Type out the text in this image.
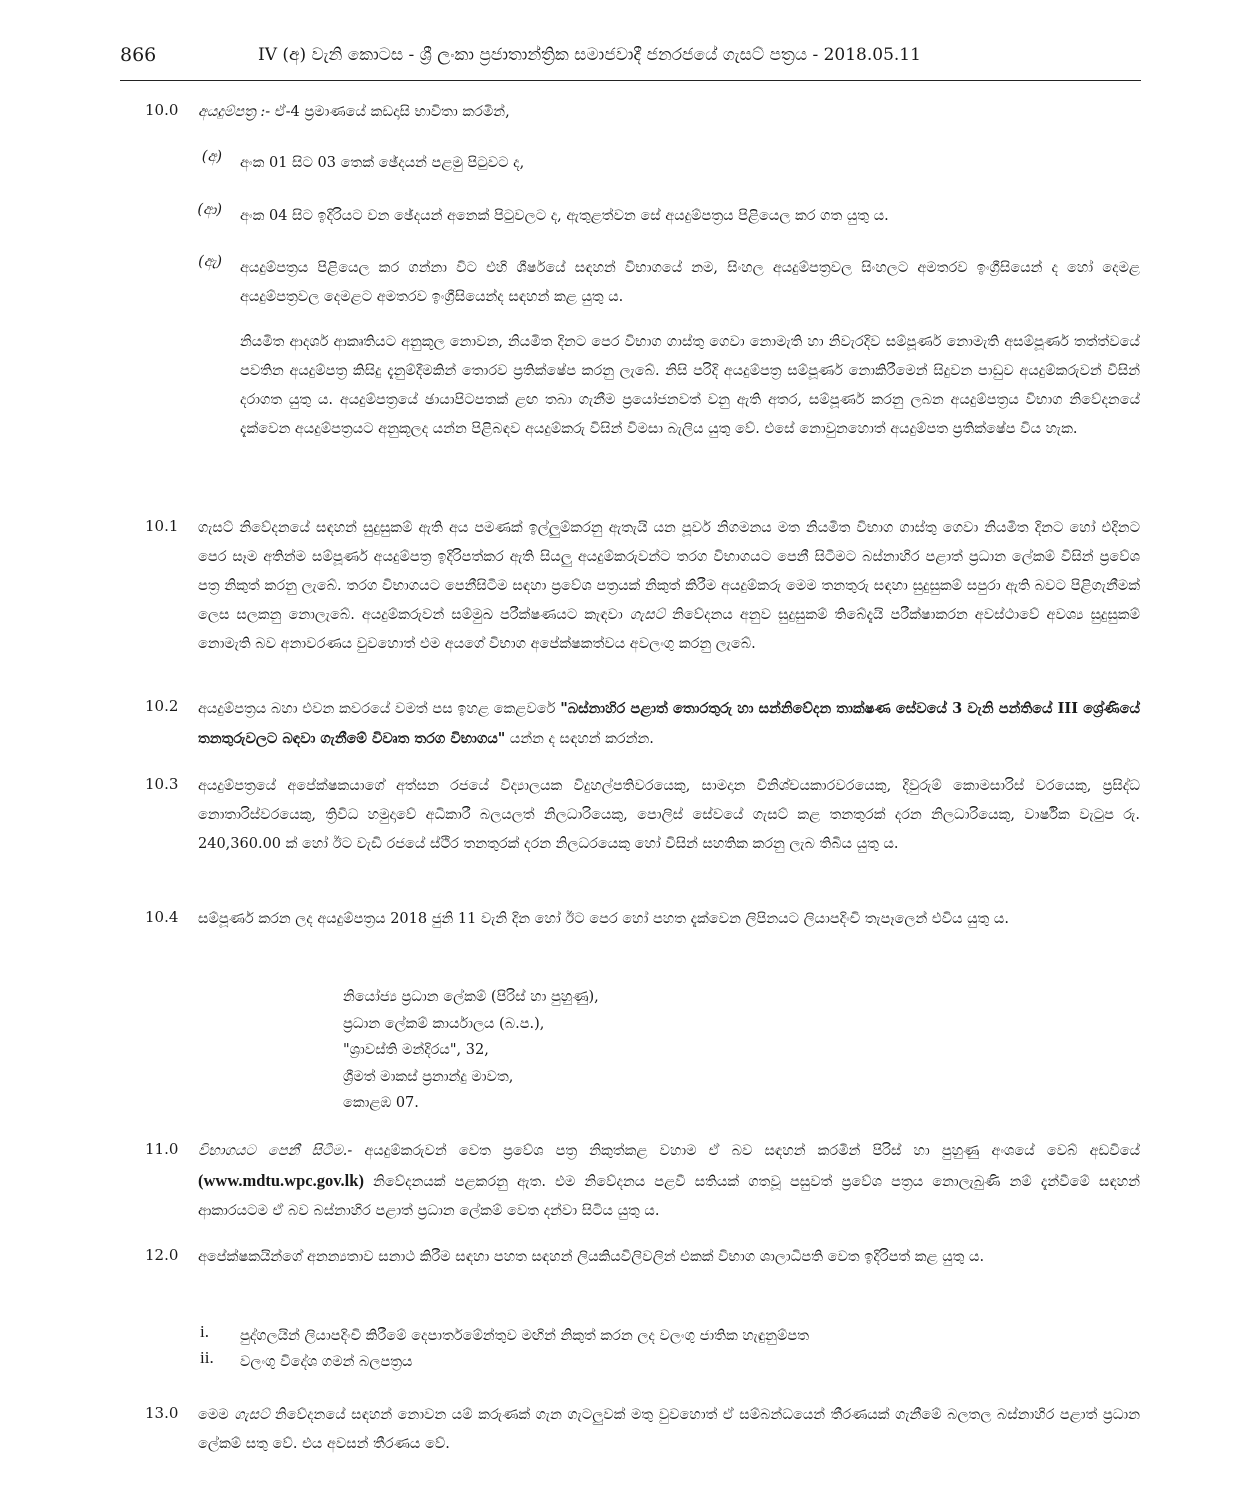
866	IV (අ) වැනි කොටස - ශ්‍රී ලංකා ප්‍රජාතාන්ත්‍රික සමාජවාදී ජනරජයේ ගැසට් පත්‍රය - 2018.05.11
10.0 අයදුම්පත්‍ර :- ඒ-4 ප්‍රමාණයේ කඩදාසි භාවිතා කරමින්,
(අ) අංක 01 සිට 03 තෙක් ඡේදයන් පළමු පිටුවට ද,
(ආ) අංක 04 සිට ඉදිරියට වන ඡේදයන් අනෙක් පිටුවලට ද, ඇතුළත්වන සේ අයදුම්පත්‍රය පිළියෙල කර ගත යුතු ය.
(ඇ) අයදුම්පත්‍රය පිළියෙල කර ගන්නා විට එහි ශීර්ෂයේ සඳහන් විභාගයේ නම, සිංහල අයදුම්පත්‍රවල සිංහලට අමතරව ඉංග්‍රීසියෙන් ද හෝ දෙමළ අයදුම්පත්‍රවල දෙමළට අමතරව ඉංග්‍රීසියෙන්ද සඳහන් කළ යුතු ය.
නියමිත ආදර්ශ ආකෘතියට අනුකූල නොවන, නියමිත දිනට පෙර විභාග ගාස්තු ගෙවා නොමැති හා නිවැරදිව සම්පූර්ණ නොමැති අසම්පූර්ණ තත්ත්වයේ පවතින අයදුම්පත්‍ර කිසිදු දැනුම්දීමකින් තොරව ප්‍රතික්ෂේප කරනු ලැබේ. නිසි පරිදි අයදුම්පත්‍ර සම්පූර්ණ නොකිරීමෙන් සිදුවන පාඩුව අයදුම්කරුවන් විසින් දරාගත යුතු ය. අයදුම්පත්‍රයේ ඡායාපිටපතක් ළඟ තබා ගැනීම ප්‍රයෝජනවත් වනු ඇති අතර, සම්පූර්ණ කරනු ලබන අයදුම්පත්‍රය විභාග නිවේදනයේ දැක්වෙන අයදුම්පත්‍රයට අනුකූලද යන්න පිළිබඳව අයදුම්කරු විසින් විමසා බැලිය යුතු වේ. එසේ නොවුනහොත් අයදුම්පත ප්‍රතික්ෂේප විය හැක.
10.1 ගැසට් නිවේදනයේ සඳහන් සුදුසුකම් ඇති අය පමණක් ඉල්ලුම්කරනු ඇතැයි යන පූර්ව නිගමනය මත නියමිත විභාග ගාස්තු ගෙවා නියමිත දිනට හෝ එදිනට පෙර සෑම අතින්ම සම්පූර්ණ අයදුම්පත්‍ර ඉදිරිපත්කර ඇති සියලු අයදුම්කරුවන්ට තරග විභාගයට පෙනී සිටීමට බස්නාහිර පළාත් ප්‍රධාන ලේකම් විසින් ප්‍රවේශ පත්‍ර නිකුත් කරනු ලැබේ. තරග විභාගයට පෙනීසිටීම සඳහා ප්‍රවේශ පත්‍රයක් නිකුත් කිරීම අයදුම්කරු මෙම තනතුරු සඳහා සුදුසුකම් සපුරා ඇති බවට පිළිගැනීමක් ලෙස සලකනු නොලැබේ. අයදුම්කරුවන් සම්මුඛ පරීක්ෂණයට කැඳවා ගැසට් නිවේදනය අනුව සුදුසුකම් තිබේදැයි පරීක්ෂාකරන අවස්ථාවේ අවශ්‍ය සුදුසුකම් නොමැති බව අනාවරණය වුවහොත් එම අයගේ විභාග අපේක්ෂකත්වය අවලංගු කරනු ලැබේ.
10.2 අයදුම්පත්‍රය බහා එවන කවරයේ වමත් පස ඉහළ කෙළවරේ "බස්නාහිර පළාත් තොරතුරු හා සන්නිවේදන තාක්ෂණ සේවයේ 3 වැනි පන්තියේ III ශ්‍රේණියේ තනතුරුවලට බඳවා ගැනීමේ විවෘත තරග විභාගය" යන්න ද සඳහන් කරන්න.
10.3 අයදුම්පත්‍රයේ අපේක්ෂකයාගේ අත්සන රජයේ විද්‍යාලයක විදුහල්පතිවරයෙකු, සාමදාන විනිශ්චයකාරවරයෙකු, දිවුරුම් කොමසාරිස් වරයෙකු, ප්‍රසිද්ධ නොතාරිස්වරයෙකු, ත්‍රිවිධ හමුදාවේ අධිකාරී බලයලත් නිලධාරියෙකු, පොලිස් සේවයේ ගැසට් කළ තනතුරක් දරන නිලධාරියෙකු, වාර්ෂික වැටුප රු. 240,360.00 ක් හෝ ඊට වැඩි රජයේ ස්ථිර තනතුරක් දරන නිලධරයෙකු හෝ විසින් සහතික කරනු ලැබ තිබිය යුතු ය.
10.4 සම්පූර්ණ කරන ලද අයදුම්පත්‍රය 2018 ජුනි 11 වැනි දින හෝ ඊට පෙර හෝ පහත දැක්වෙන ලිපිනයට ලියාපදිංචි තැපෑලෙන් එවිය යුතු ය.
නියෝජ්‍ය ප්‍රධාන ලේකම් (පිරිස් හා පුහුණු),
ප්‍රධාන ලේකම් කාර්යාලය (බ.ප.),
"ශ්‍රාවස්ති මන්දිරය", 32,
ශ්‍රීමත් මාකස් ප්‍රනාන්දු මාවත,
කොළඹ 07.
11.0 විභාගයට පෙනී සිටීම.- අයදුම්කරුවන් වෙත ප්‍රවේශ පත්‍ර නිකුත්කළ වහාම ඒ බව සඳහන් කරමින් පිරිස් හා පුහුණු අංශයේ වෙබ් අඩවියේ (www.mdtu.wpc.gov.lk) නිවේදනයක් පළකරනු ඇත. එම නිවේදනය පළවී සතියක් ගතවූ පසුවත් ප්‍රවේශ පත්‍රය නොලැබුණි නම් දැන්වීමේ සඳහන් ආකාරයටම ඒ බව බස්නාහිර පළාත් ප්‍රධාන ලේකම් වෙත දන්වා සිටිය යුතු ය.
12.0 අපේක්ෂකයින්ගේ අනන්‍යතාව සනාථ කිරීම සඳහා පහත සඳහන් ලියකියවිලිවලින් එකක් විභාග ශාලාධිපති වෙත ඉදිරිපත් කළ යුතු ය.
i.	පුද්ගලයින් ලියාපදිංචි කිරීමේ දෙපාර්තමේන්තුව මඟින් නිකුත් කරන ලද වලංගු ජාතික හැඳුනුම්පත
ii.	වලංගු විදේශ ගමන් බලපත්‍රය
13.0 මෙම ගැසට් නිවේදනයේ සඳහන් නොවන යම් කරුණක් ගැන ගැටලුවක් මතු වුවහොත් ඒ සම්බන්ධයෙන් තීරණයක් ගැනීමේ බලතල බස්නාහිර පළාත් ප්‍රධාන ලේකම් සතු වේ. එය අවසන් තීරණය වේ.
